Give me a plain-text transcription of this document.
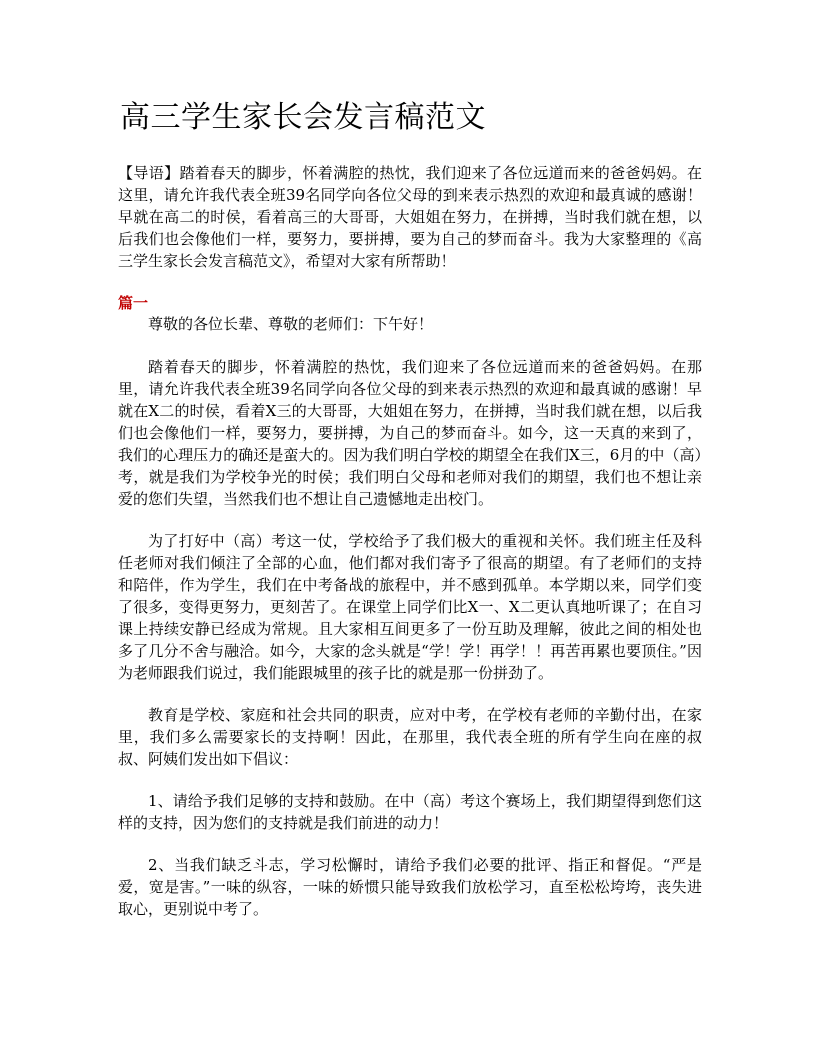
高三学生家长会发言稿范文

【导语】踏着春天的脚步，怀着满腔的热忱，我们迎来了各位远道而来的爸爸妈妈。在这里，请允许我代表全班39名同学向各位父母的到来表示热烈的欢迎和最真诚的感谢！早就在高二的时侯，看着高三的大哥哥，大姐姐在努力，在拼搏，当时我们就在想，以后我们也会像他们一样，要努力，要拼搏，要为自己的梦而奋斗。我为大家整理的《高三学生家长会发言稿范文》，希望对大家有所帮助！

篇一

尊敬的各位长辈、尊敬的老师们：下午好！

踏着春天的脚步，怀着满腔的热忱，我们迎来了各位远道而来的爸爸妈妈。在那里，请允许我代表全班39名同学向各位父母的到来表示热烈的欢迎和最真诚的感谢！早就在X二的时侯，看着X三的大哥哥，大姐姐在努力，在拼搏，当时我们就在想，以后我们也会像他们一样，要努力，要拼搏，为自己的梦而奋斗。如今，这一天真的来到了，我们的心理压力的确还是蛮大的。因为我们明白学校的期望全在我们X三，6月的中（高）考，就是我们为学校争光的时侯；我们明白父母和老师对我们的期望，我们也不想让亲爱的您们失望，当然我们也不想让自己遗憾地走出校门。

为了打好中（高）考这一仗，学校给予了我们极大的重视和关怀。我们班主任及科任老师对我们倾注了全部的心血，他们都对我们寄予了很高的期望。有了老师们的支持和陪伴，作为学生，我们在中考备战的旅程中，并不感到孤单。本学期以来，同学们变了很多，变得更努力，更刻苦了。在课堂上同学们比X一、X二更认真地听课了；在自习课上持续安静已经成为常规。且大家相互间更多了一份互助及理解，彼此之间的相处也多了几分不舍与融洽。如今，大家的念头就是“学！学！再学！！再苦再累也要顶住。”因为老师跟我们说过，我们能跟城里的孩子比的就是那一份拼劲了。

教育是学校、家庭和社会共同的职责，应对中考，在学校有老师的辛勤付出，在家里，我们多么需要家长的支持啊！因此，在那里，我代表全班的所有学生向在座的叔叔、阿姨们发出如下倡议：

1、请给予我们足够的支持和鼓励。在中（高）考这个赛场上，我们期望得到您们这样的支持，因为您们的支持就是我们前进的动力！

2、当我们缺乏斗志，学习松懈时，请给予我们必要的批评、指正和督促。“严是爱，宽是害。”一味的纵容，一味的娇惯只能导致我们放松学习，直至松松垮垮，丧失进取心，更别说中考了。
